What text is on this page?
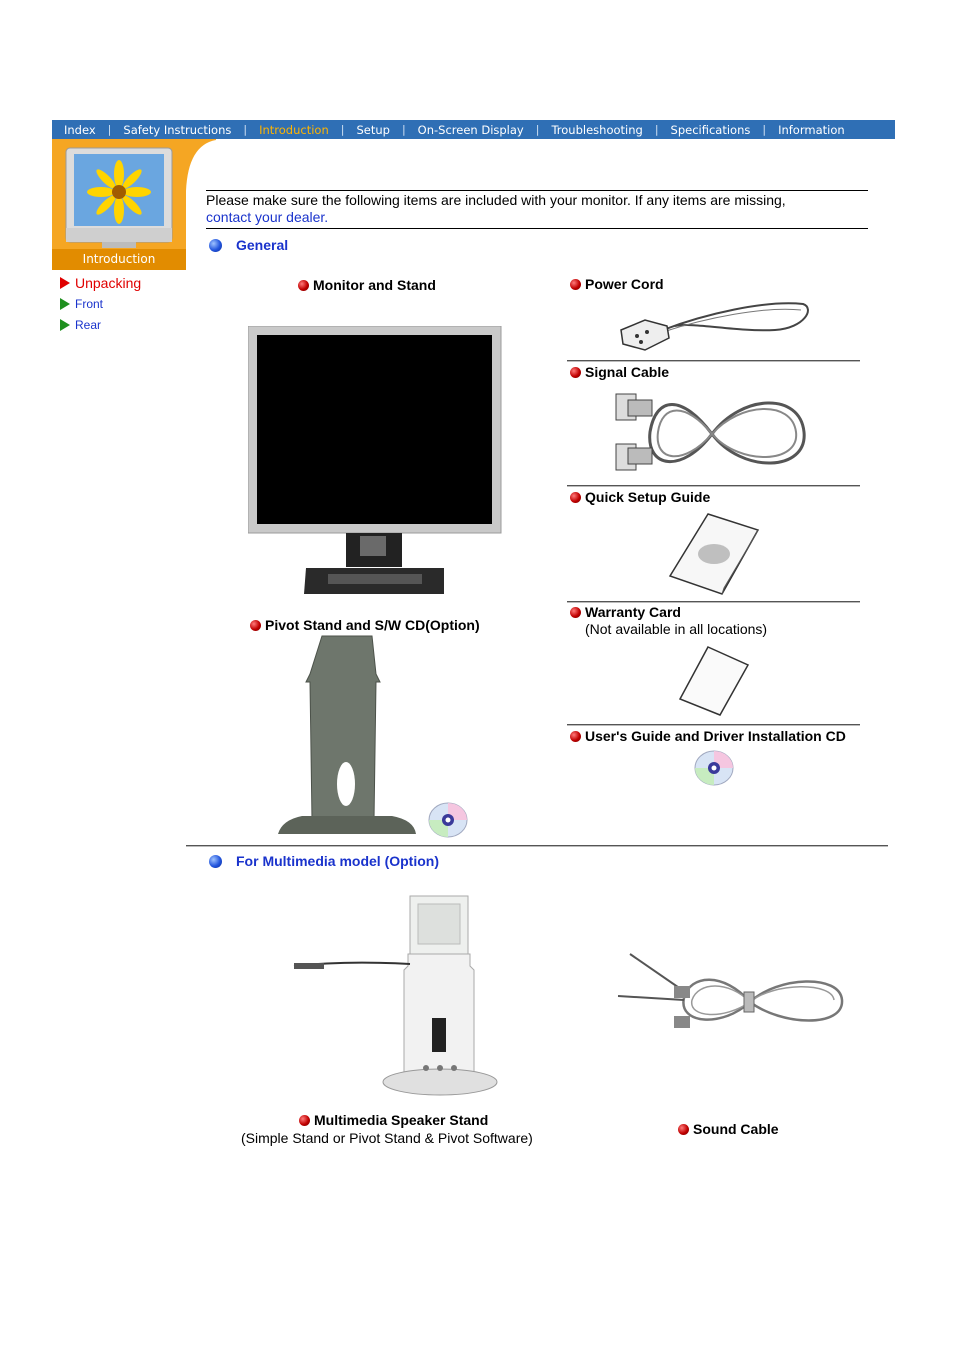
Index	|	Safety Instructions	|	Introduction	|	Setup	|	On-Screen Display	|	Troubleshooting	|	Specifications	|	Information
Introduction
Unpacking
Front
Rear
Please make sure the following items are included with your monitor. If any items are missing,
contact your dealer.
General
Monitor and Stand
Pivot Stand and S/W CD(Option)
Power Cord
Signal Cable
Quick Setup Guide
Warranty Card
(Not available in all locations)
User's Guide and Driver Installation CD
For Multimedia model (Option)
Multimedia Speaker Stand
(Simple Stand or Pivot Stand & Pivot Software)
Sound Cable
